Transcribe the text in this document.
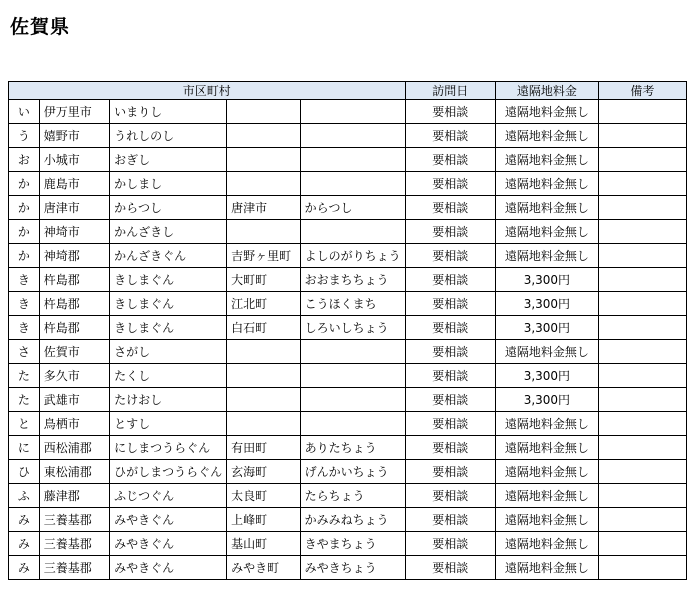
佐賀県
市区町村					訪問日	遠隔地料金	備考
い	伊万里市	いまりし			要相談	遠隔地料金無し	
う	嬉野市	うれしのし			要相談	遠隔地料金無し	
お	小城市	おぎし			要相談	遠隔地料金無し	
か	鹿島市	かしまし			要相談	遠隔地料金無し	
か	唐津市	からつし	唐津市	からつし	要相談	遠隔地料金無し	
か	神埼市	かんざきし			要相談	遠隔地料金無し	
か	神埼郡	かんざきぐん	吉野ヶ里町	よしのがりちょう	要相談	遠隔地料金無し	
き	杵島郡	きしまぐん	大町町	おおまちちょう	要相談	3,300円	
き	杵島郡	きしまぐん	江北町	こうほくまち	要相談	3,300円	
き	杵島郡	きしまぐん	白石町	しろいしちょう	要相談	3,300円	
さ	佐賀市	さがし			要相談	遠隔地料金無し	
た	多久市	たくし			要相談	3,300円	
た	武雄市	たけおし			要相談	3,300円	
と	鳥栖市	とすし			要相談	遠隔地料金無し	
に	西松浦郡	にしまつうらぐん	有田町	ありたちょう	要相談	遠隔地料金無し	
ひ	東松浦郡	ひがしまつうらぐん	玄海町	げんかいちょう	要相談	遠隔地料金無し	
ふ	藤津郡	ふじつぐん	太良町	たらちょう	要相談	遠隔地料金無し	
み	三養基郡	みやきぐん	上峰町	かみみねちょう	要相談	遠隔地料金無し	
み	三養基郡	みやきぐん	基山町	きやまちょう	要相談	遠隔地料金無し	
み	三養基郡	みやきぐん	みやき町	みやきちょう	要相談	遠隔地料金無し	
